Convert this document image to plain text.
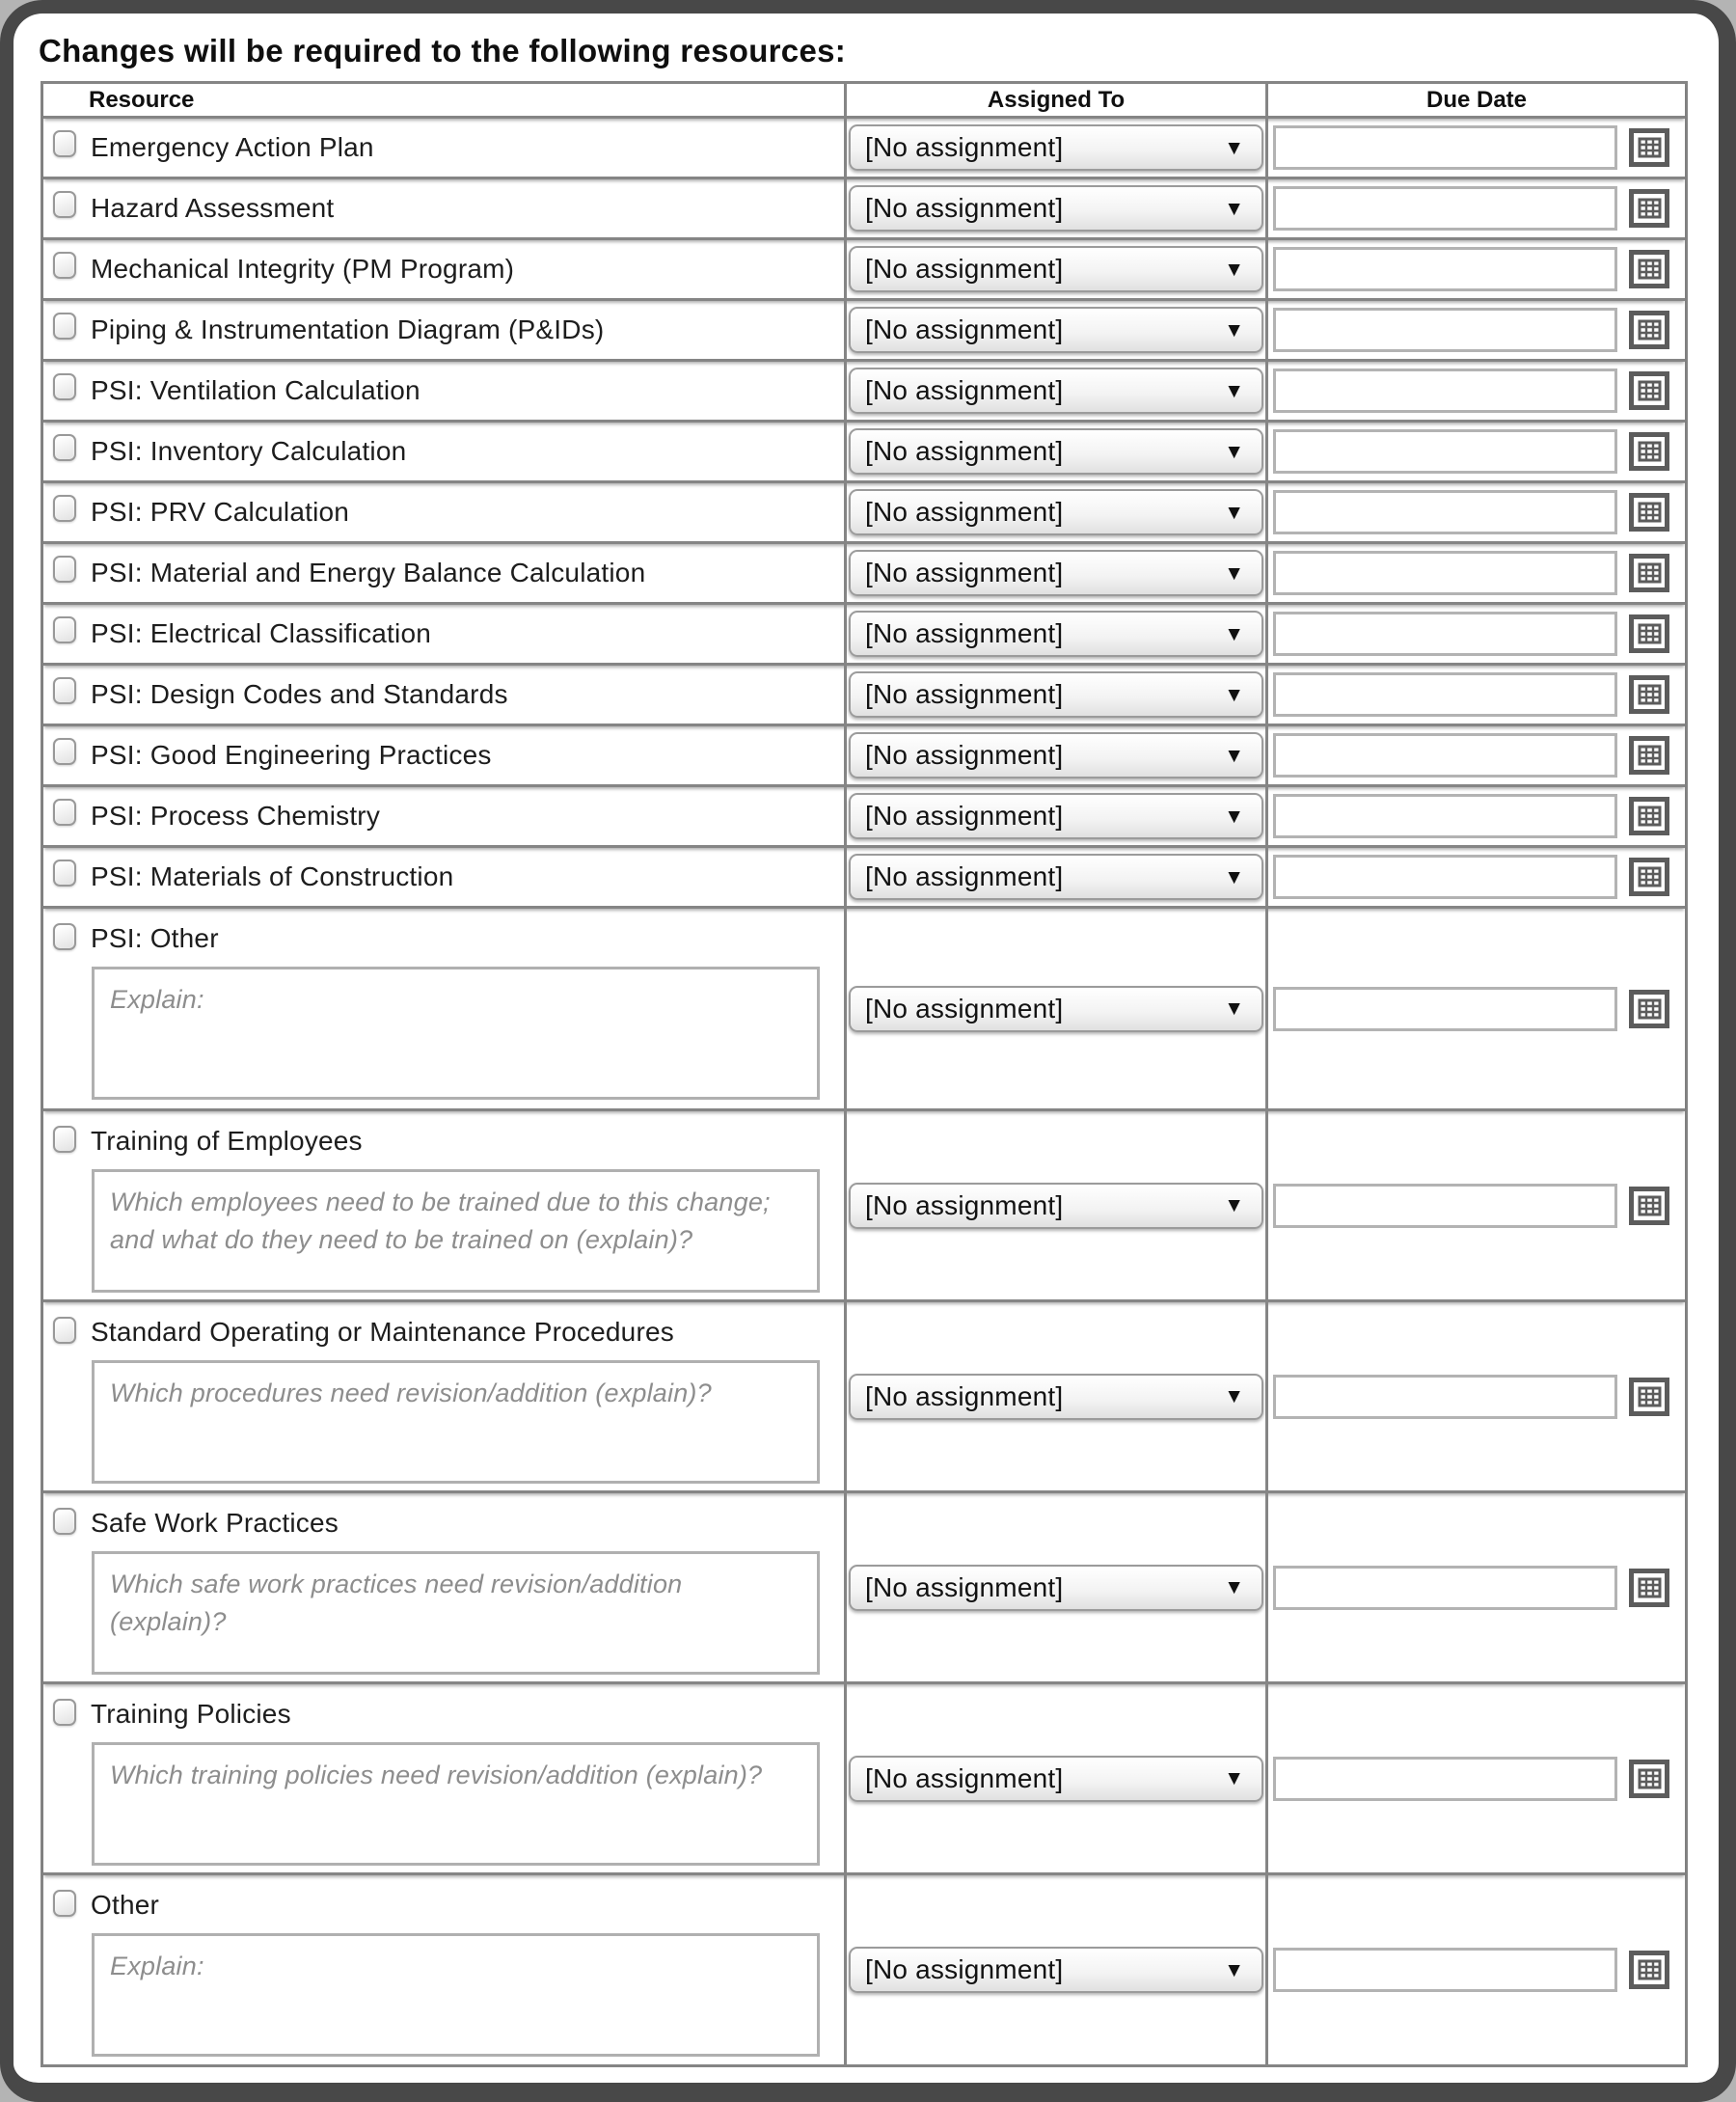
Changes will be required to the following resources:
Resource	Assigned To	Due Date
Emergency Action Plan	[No assignment]	▼
Hazard Assessment	[No assignment]	▼
Mechanical Integrity (PM Program)	[No assignment]	▼
Piping & Instrumentation Diagram (P&IDs)	[No assignment]	▼
PSI: Ventilation Calculation	[No assignment]	▼
PSI: Inventory Calculation	[No assignment]	▼
PSI: PRV Calculation	[No assignment]	▼
PSI: Material and Energy Balance Calculation	[No assignment]	▼
PSI: Electrical Classification	[No assignment]	▼
PSI: Design Codes and Standards	[No assignment]	▼
PSI: Good Engineering Practices	[No assignment]	▼
PSI: Process Chemistry	[No assignment]	▼
PSI: Materials of Construction	[No assignment]	▼
PSI: Other
Explain:
[No assignment]	▼
Training of Employees
Which employees need to be trained due to this change; and what do they need to be trained on (explain)?
[No assignment]	▼
Standard Operating or Maintenance Procedures
Which procedures need revision/addition (explain)?
[No assignment]	▼
Safe Work Practices
Which safe work practices need revision/addition (explain)?
[No assignment]	▼
Training Policies
Which training policies need revision/addition (explain)?
[No assignment]	▼
Other
Explain:
[No assignment]	▼
